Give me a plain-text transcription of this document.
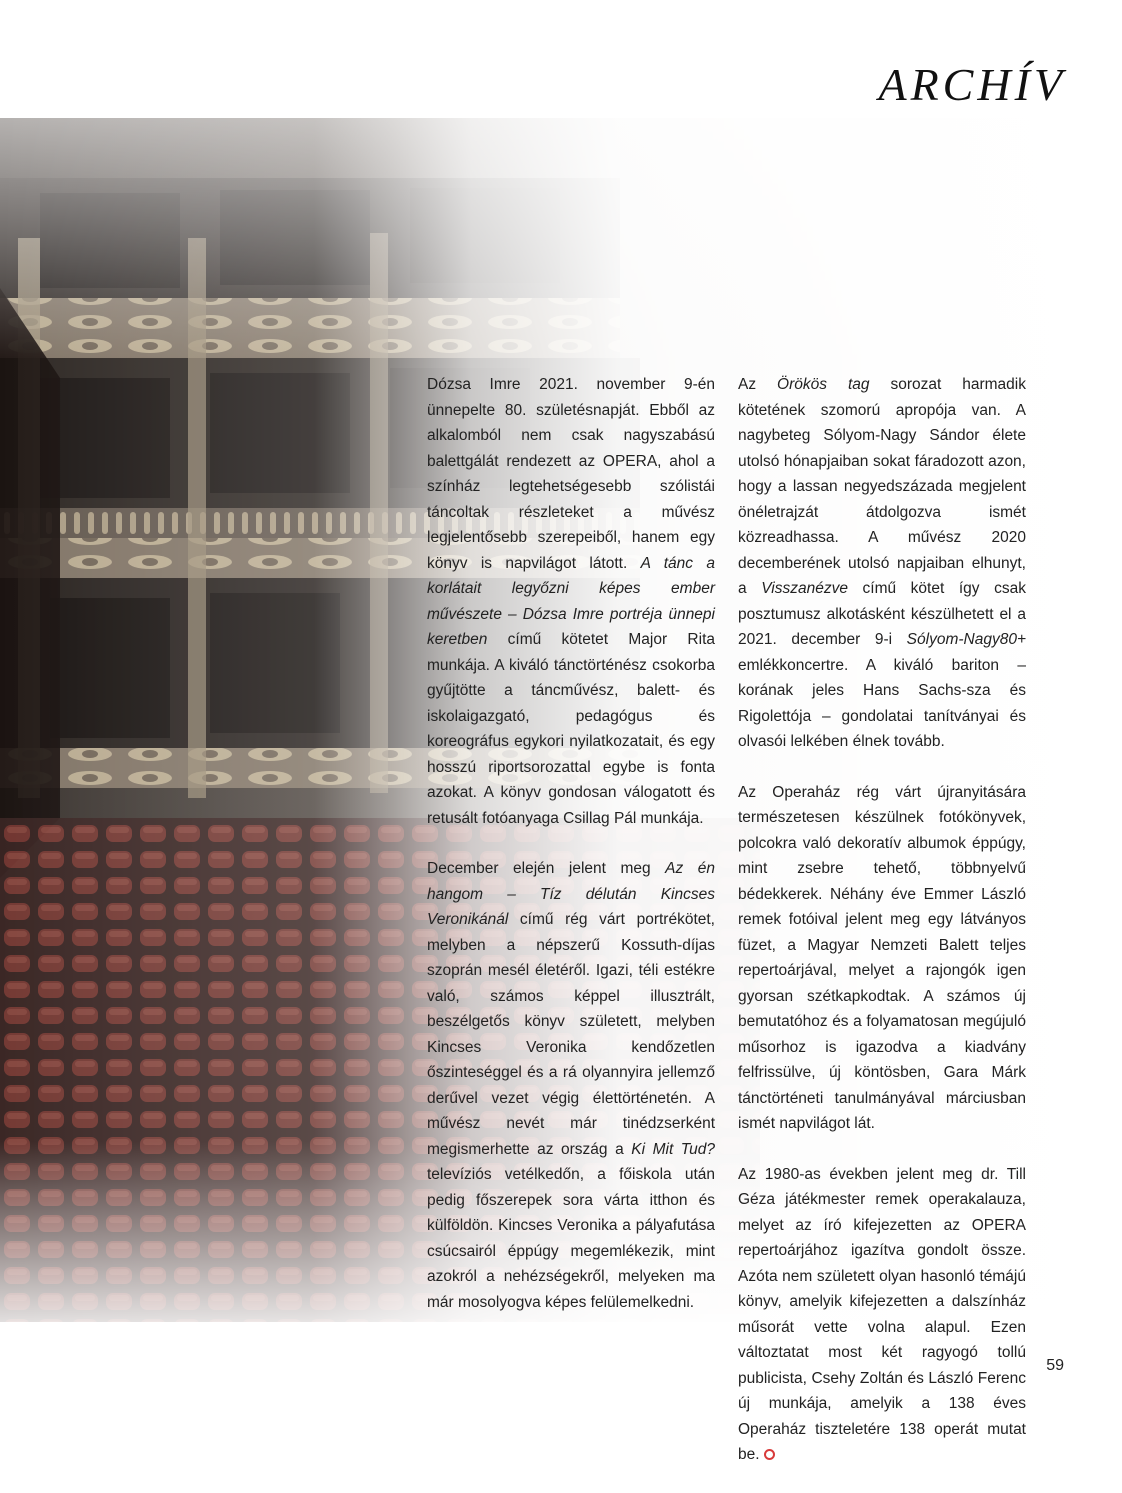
ARCHÍV

Dózsa Imre 2021. november 9-én ünnepelte 80. születésnapját. Ebből az alkalomból nem csak nagyszabású balettgálát rendezett az OPERA, ahol a színház legtehetségesebb szólistái táncoltak részleteket a művész legjelentősebb szerepeiből, hanem egy könyv is napvilágot látott. A tánc a korlátait legyőzni képes ember művészete – Dózsa Imre portréja ünnepi keretben című kötetet Major Rita munkája. A kiváló tánctörténész csokorba gyűjtötte a táncművész, balett- és iskolaigazgató, pedagógus és koreográfus egykori nyilatkozatait, és egy hosszú riportsorozattal egybe is fonta azokat. A könyv gondosan válogatott és retusált fotóanyaga Csillag Pál munkája.

December elején jelent meg Az én hangom – Tíz délután Kincses Veronikánál című rég várt portrékötet, melyben a népszerű Kossuth-díjas szoprán mesél életéről. Igazi, téli estékre való, számos képpel illusztrált, beszélgetős könyv született, melyben Kincses Veronika kendőzetlen őszinteséggel és a rá olyannyira jellemző derűvel vezet végig élettörténetén. A művész nevét már tinédzserként megismerhette az ország a Ki Mit Tud? televíziós vetélkedőn, a főiskola után pedig főszerepek sora várta itthon és külföldön. Kincses Veronika a pályafutása csúcsairól éppúgy megemlékezik, mint azokról a nehézségekről, melyeken ma már mosolyogva képes felülemelkedni.

Az Örökös tag sorozat harmadik kötetének szomorú apropója van. A nagybeteg Sólyom-Nagy Sándor élete utolsó hónapjaiban sokat fáradozott azon, hogy a lassan negyedszázada megjelent önéletrajzát átdolgozva ismét közreadhassa. A művész 2020 decemberének utolsó napjaiban elhunyt, a Visszanézve című kötet így csak posztumusz alkotásként készülhetett el a 2021. december 9-i Sólyom-Nagy80+ emlékkoncertre. A kiváló bariton – korának jeles Hans Sachs-sza és Rigolettója – gondolatai tanítványai és olvasói lelkében élnek tovább.

Az Operaház rég várt újranyitására természetesen készülnek fotókönyvek, polcokra való dekoratív albumok éppúgy, mint zsebre tehető, többnyelvű bédekkerek. Néhány éve Emmer László remek fotóival jelent meg egy látványos füzet, a Magyar Nemzeti Balett teljes repertoárjával, melyet a rajongók igen gyorsan szétkapkodtak. A számos új bemutatóhoz és a folyamatosan megújuló műsorhoz is igazodva a kiadvány felfrissülve, új köntösben, Gara Márk tánctörténeti tanulmányával márciusban ismét napvilágot lát.

Az 1980-as években jelent meg dr. Till Géza játékmester remek operakalauza, melyet az író kifejezetten az OPERA repertoárjához igazítva gondolt össze. Azóta nem született olyan hasonló témájú könyv, amelyik kifejezetten a dalszínház műsorát vette volna alapul. Ezen változtatat most két ragyogó tollú publicista, Csehy Zoltán és László Ferenc új munkája, amelyik a 138 éves Operaház tiszteletére 138 operát mutat be.

59
